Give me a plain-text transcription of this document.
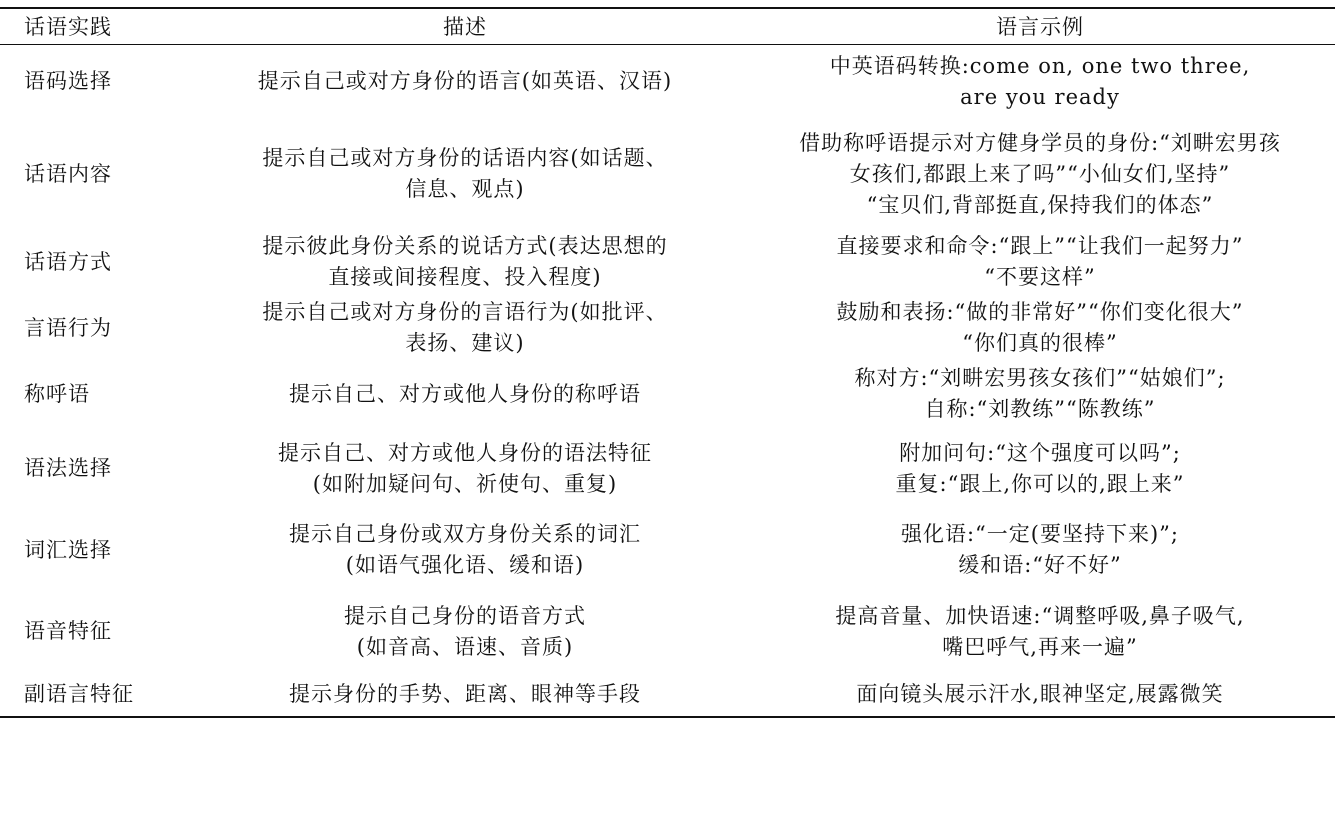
话语实践	描述	语言示例
语码选择	提示自己或对方身份的语言(如英语、汉语)	中英语码转换:come on, one two three,
are you ready

话语内容	提示自己或对方身份的话语内容(如话题、
信息、观点)	借助称呼语提示对方健身学员的身份:“刘畊宏男孩
女孩们,都跟上来了吗”“小仙女们,坚持”
“宝贝们,背部挺直,保持我们的体态”

话语方式	提示彼此身份关系的说话方式(表达思想的
直接或间接程度、投入程度)	直接要求和命令:“跟上”“让我们一起努力”
“不要这样”

言语行为	提示自己或对方身份的言语行为(如批评、
表扬、建议)	鼓励和表扬:“做的非常好”“你们变化很大”
“你们真的很棒”

称呼语	提示自己、对方或他人身份的称呼语	称对方:“刘畊宏男孩女孩们”“姑娘们”;
自称:“刘教练”“陈教练”

语法选择	提示自己、对方或他人身份的语法特征
(如附加疑问句、祈使句、重复)	附加问句:“这个强度可以吗”;
重复:“跟上,你可以的,跟上来”

词汇选择	提示自己身份或双方身份关系的词汇
(如语气强化语、缓和语)	强化语:“一定(要坚持下来)”;
缓和语:“好不好”

语音特征	提示自己身份的语音方式
(如音高、语速、音质)	提高音量、加快语速:“调整呼吸,鼻子吸气,
嘴巴呼气,再来一遍”

副语言特征	提示身份的手势、距离、眼神等手段	面向镜头展示汗水,眼神坚定,展露微笑
